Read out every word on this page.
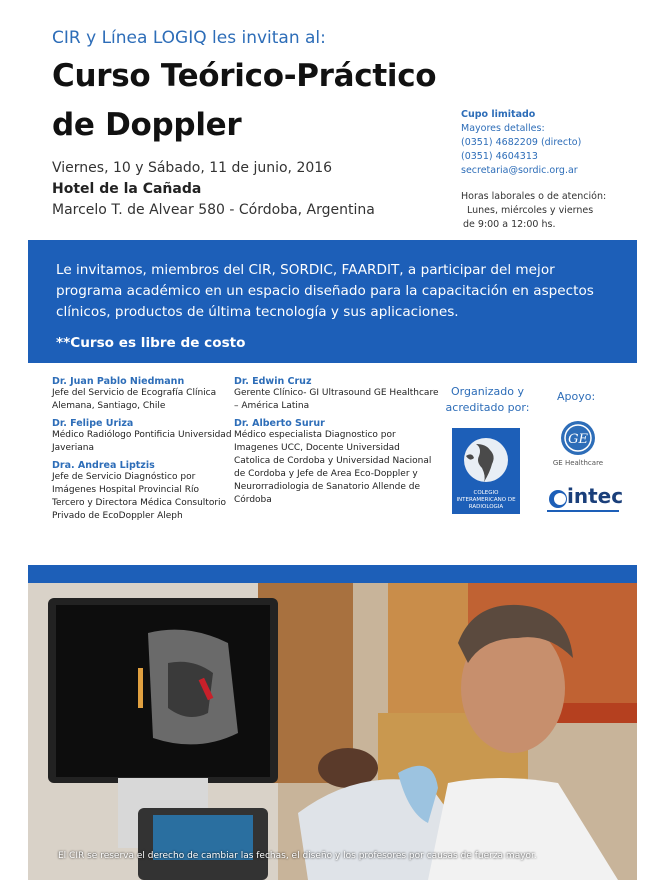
CIR y Línea LOGIQ les invitan al:
Curso Teórico-Práctico
de Doppler
Viernes, 10 y Sábado, 11 de junio, 2016
Hotel de la Cañada
Marcelo T. de Alvear 580 - Córdoba, Argentina
Cupo limitado
Mayores detalles:
(0351) 4682209 (directo)
(0351) 4604313
secretaria@sordic.org.ar
Horas laborales o de atención:
Lunes, miércoles y viernes
de 9:00 a 12:00 hs.
Le invitamos, miembros del CIR, SORDIC, FAARDIT, a participar del mejor programa académico en un espacio diseñado para la capacitación en aspectos clínicos, productos de última tecnología y sus aplicaciones.
**Curso es libre de costo
Dr. Juan Pablo Niedmann
Jefe del Servicio de Ecografía Clínica Alemana, Santiago, Chile
Dr. Felipe Uriza
Médico Radiólogo Pontificia Universidad Javeriana
Dra. Andrea Liptzis
Jefe de Servicio Diagnóstico por Imágenes Hospital Provincial Río Tercero y Directora Médica Consultorio Privado de EcoDoppler Aleph
Dr. Edwin Cruz
Gerente Clínico- GI Ultrasound GE Healthcare – América Latina
Dr. Alberto Surur
Médico especialista Diagnostico por Imagenes UCC, Docente Universidad Catolica de Cordoba y Universidad Nacional de Cordoba y Jefe de Area Eco-Doppler y Neurorradiologia de Sanatorio Allende de Córdoba
Organizado y acreditado por:
Apoyo:
COLEGIO INTERAMERICANO DE RADIOLOGIA
GE
GE Healthcare
intec
El CIR se reserva el derecho de cambiar las fechas, el diseño y los profesores por causas de fuerza mayor.
